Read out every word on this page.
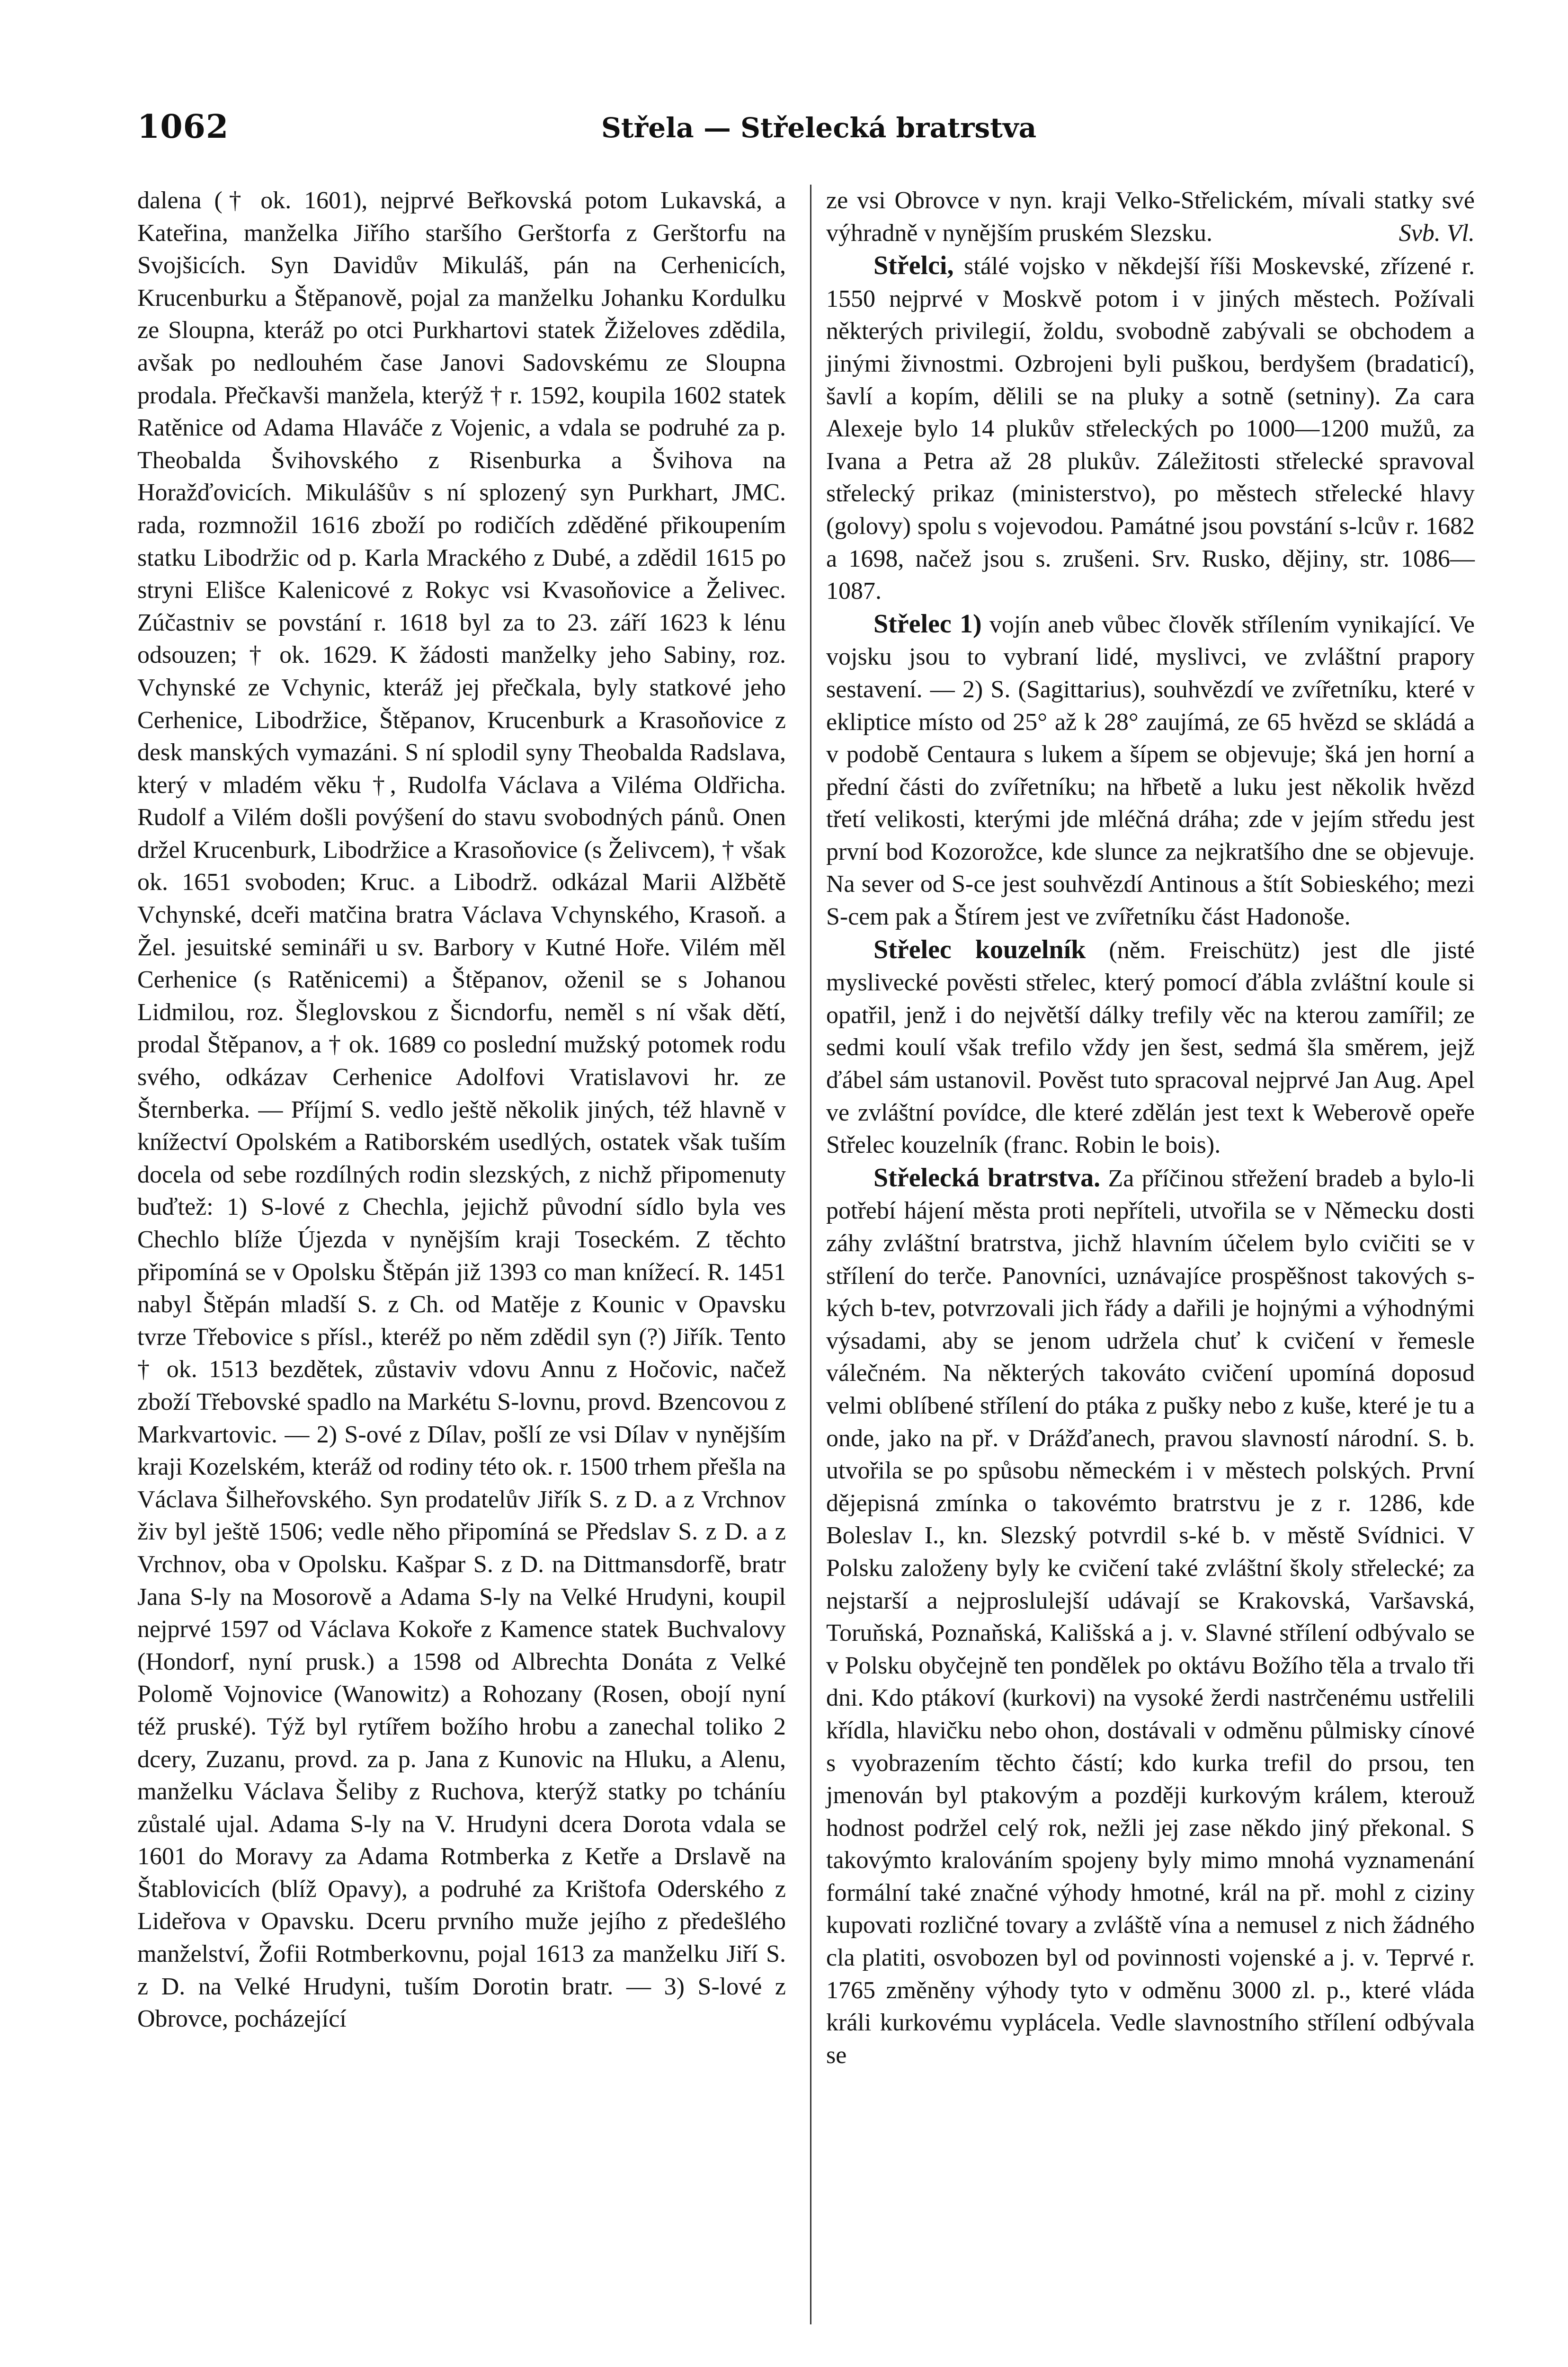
1062	Střela — Střelecká bratrstva

dalena († ok. 1601), nejprvé Beřkovská potom Lukavská, a Kateřina, manželka Jiřího staršího Gerštorfa z Gerštorfu na Svojšicích. Syn Davidův Mikuláš, pán na Cerhenicích, Krucenburku a Štěpanově, pojal za manželku Johanku Kordulku ze Sloupna, kteráž po otci Purkhartovi statek Žiželoves zdědila, avšak po nedlouhém čase Janovi Sadovskému ze Sloupna prodala. Přečkavši manžela, kterýž † r. 1592, koupila 1602 statek Ratěnice od Adama Hlaváče z Vojenic, a vdala se podruhé za p. Theobalda Švihovského z Risenburka a Švihova na Horažďovicích. Mikulášův s ní splozený syn Purkhart, JMC. rada, rozmnožil 1616 zboží po rodičích zděděné přikoupením statku Libodržic od p. Karla Mrackého z Dubé, a zdědil 1615 po stryni Elišce Kalenicové z Rokyc vsi Kvasoňovice a Želivec. Zúčastniv se povstání r. 1618 byl za to 23. září 1623 k lénu odsouzen; † ok. 1629. K žádosti manželky jeho Sabiny, roz. Vchynské ze Vchynic, kteráž jej přečkala, byly statkové jeho Cerhenice, Libodržice, Štěpanov, Krucenburk a Krasoňovice z desk manských vymazáni. S ní splodil syny Theobalda Radslava, který v mladém věku †, Rudolfa Václava a Viléma Oldřicha. Rudolf a Vilém došli povýšení do stavu svobodných pánů. Onen držel Krucenburk, Libodržice a Krasoňovice (s Želivcem), † však ok. 1651 svoboden; Kruc. a Libodrž. odkázal Marii Alžbětě Vchynské, dceři matčina bratra Václava Vchynského, Krasoň. a Žel. jesuitské semináři u sv. Barbory v Kutné Hoře. Vilém měl Cerhenice (s Ratěnicemi) a Štěpanov, oženil se s Johanou Lidmilou, roz. Šleglovskou z Šicndorfu, neměl s ní však dětí, prodal Štěpanov, a † ok. 1689 co poslední mužský potomek rodu svého, odkázav Cerhenice Adolfovi Vratislavovi hr. ze Šternberka. — Příjmí S. vedlo ještě několik jiných, též hlavně v knížectví Opolském a Ratiborském usedlých, ostatek však tuším docela od sebe rozdílných rodin slezských, z nichž připomenuty buďtež: 1) S-lové z Chechla, jejichž původní sídlo byla ves Chechlo blíže Újezda v nynějším kraji Toseckém. Z těchto připomíná se v Opolsku Štěpán již 1393 co man knížecí. R. 1451 nabyl Štěpán mladší S. z Ch. od Matěje z Kounic v Opavsku tvrze Třebovice s přísl., kteréž po něm zdědil syn (?) Jiřík. Tento † ok. 1513 bezdětek, zůstaviv vdovu Annu z Hočovic, načež zboží Třebovské spadlo na Markétu S-lovnu, provd. Bzencovou z Markvartovic. — 2) S-ové z Dílav, pošlí ze vsi Dílav v nynějším kraji Kozelském, kteráž od rodiny této ok. r. 1500 trhem přešla na Václava Šilheřovského. Syn prodatelův Jiřík S. z D. a z Vrchnov živ byl ještě 1506; vedle něho připomíná se Předslav S. z D. a z Vrchnov, oba v Opolsku. Kašpar S. z D. na Dittmansdorfě, bratr Jana S-ly na Mosorově a Adama S-ly na Velké Hrudyni, koupil nejprvé 1597 od Václava Kokoře z Kamence statek Buchvalovy (Hondorf, nyní prusk.) a 1598 od Albrechta Donáta z Velké Polomě Vojnovice (Wanowitz) a Rohozany (Rosen, obojí nyní též pruské). Týž byl rytířem božího hrobu a zanechal toliko 2 dcery, Zuzanu, provd. za p. Jana z Kunovic na Hluku, a Alenu, manželku Václava Šeliby z Ruchova, kterýž statky po tcháníu zůstalé ujal. Adama S-ly na V. Hrudyni dcera Dorota vdala se 1601 do Moravy za Adama Rotmberka z Ketře a Drslavě na Štablovicích (blíž Opavy), a podruhé za Krištofa Oderského z Lideřova v Opavsku. Dceru prvního muže jejího z předešlého manželství, Žofii Rotmberkovnu, pojal 1613 za manželku Jiří S. z D. na Velké Hrudyni, tuším Dorotin bratr. — 3) S-lové z Obrovce, pocházející

ze vsi Obrovce v nyn. kraji Velko-Střelickém, mívali statky své výhradně v nynějším pruském Slezsku.	Svb. Vl.

Střelci, stálé vojsko v někdejší říši Moskevské, zřízené r. 1550 nejprvé v Moskvě potom i v jiných městech. Požívali některých privilegií, žoldu, svobodně zabývali se obchodem a jinými živnostmi. Ozbrojeni byli puškou, berdyšem (bradaticí), šavlí a kopím, dělili se na pluky a sotně (setniny). Za cara Alexeje bylo 14 plukův střeleckých po 1000—1200 mužů, za Ivana a Petra až 28 plukův. Záležitosti střelecké spravoval střelecký prikaz (ministerstvo), po městech střelecké hlavy (golovy) spolu s vojevodou. Památné jsou povstání s-lcův r. 1682 a 1698, načež jsou s. zrušeni. Srv. Rusko, dějiny, str. 1086—1087.

Střelec 1) vojín aneb vůbec člověk střílením vynikající. Ve vojsku jsou to vybraní lidé, myslivci, ve zvláštní prapory sestavení. — 2) S. (Sagittarius), souhvězdí ve zvířetníku, které v ekliptice místo od 25° až k 28° zaujímá, ze 65 hvězd se skládá a v podobě Centaura s lukem a šípem se objevuje; šká jen horní a přední části do zvířetníku; na hřbetě a luku jest několik hvězd třetí velikosti, kterými jde mléčná dráha; zde v jejím středu jest první bod Kozorožce, kde slunce za nejkratšího dne se objevuje. Na sever od S-ce jest souhvězdí Antinous a štít Sobieského; mezi S-cem pak a Štírem jest ve zvířetníku část Hadonoše.

Střelec kouzelník (něm. Freischütz) jest dle jisté myslivecké pověsti střelec, který pomocí ďábla zvláštní koule si opatřil, jenž i do největší dálky trefily věc na kterou zamířil; ze sedmi koulí však trefilo vždy jen šest, sedmá šla směrem, jejž ďábel sám ustanovil. Pověst tuto spracoval nejprvé Jan Aug. Apel ve zvláštní povídce, dle které zdělán jest text k Weberově opeře Střelec kouzelník (franc. Robin le bois).

Střelecká bratrstva. Za příčinou střežení bradeb a bylo-li potřebí hájení města proti nepříteli, utvořila se v Německu dosti záhy zvláštní bratrstva, jichž hlavním účelem bylo cvičiti se v střílení do terče. Panovníci, uznávajíce prospěšnost takových s-kých b-tev, potvrzovali jich řády a dařili je hojnými a výhodnými výsadami, aby se jenom udržela chuť k cvičení v řemesle válečném. Na některých takováto cvičení upomíná doposud velmi oblíbené střílení do ptáka z pušky nebo z kuše, které je tu a onde, jako na př. v Drážďanech, pravou slavností národní. S. b. utvořila se po spůsobu německém i v městech polských. První dějepisná zmínka o takovémto bratrstvu je z r. 1286, kde Boleslav I., kn. Slezský potvrdil s-ké b. v městě Svídnici. V Polsku založeny byly ke cvičení také zvláštní školy střelecké; za nejstarší a nejproslulejší udávají se Krakovská, Varšavská, Toruňská, Poznaňská, Kališská a j. v. Slavné střílení odbývalo se v Polsku obyčejně ten pondělek po oktávu Božího těla a trvalo tři dni. Kdo ptákoví (kurkovi) na vysoké žerdi nastrčenému ustřelili křídla, hlavičku nebo ohon, dostávali v odměnu půlmisky cínové s vyobrazením těchto částí; kdo kurka trefil do prsou, ten jmenován byl ptakovým a později kurkovým králem, kterouž hodnost podržel celý rok, nežli jej zase někdo jiný překonal. S takovýmto kralováním spojeny byly mimo mnohá vyznamenání formální také značné výhody hmotné, král na př. mohl z ciziny kupovati rozličné tovary a zvláště vína a nemusel z nich žádného cla platiti, osvobozen byl od povinnosti vojenské a j. v. Teprvé r. 1765 změněny výhody tyto v odměnu 3000 zl. p., které vláda králi kurkovému vyplácela. Vedle slavnostního střílení odbývala se
